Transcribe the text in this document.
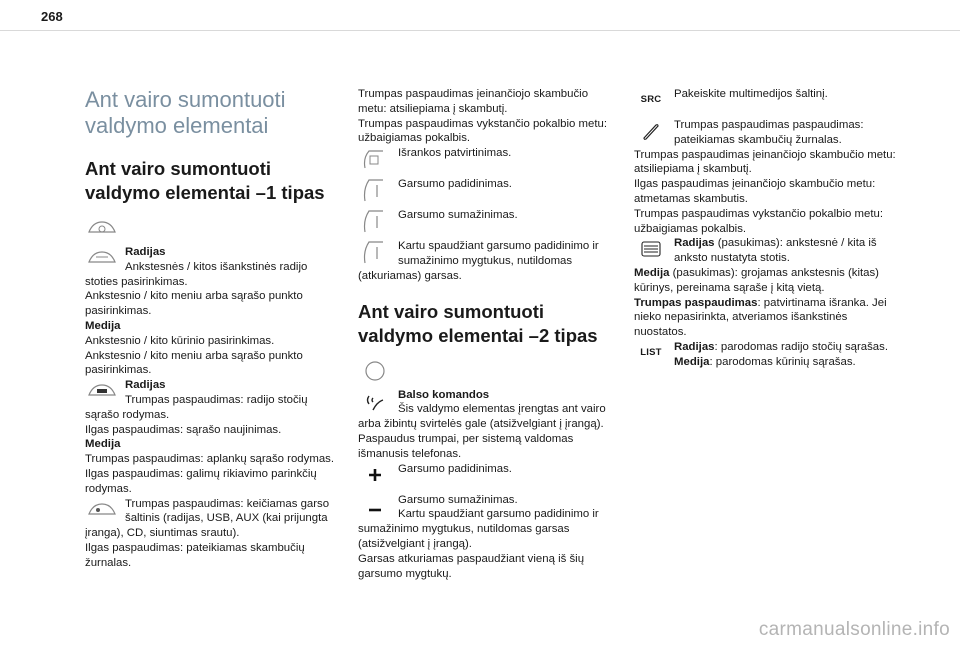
268
Ant vairo sumontuoti valdymo elementai
Ant vairo sumontuoti valdymo elementai –1 tipas

Radijas

Ankstesnės / kitos išankstinės radijo stoties pasirinkimas.

Ankstesnio / kito meniu arba sąrašo punkto pasirinkimas.

Medija

Ankstesnio / kito kūrinio pasirinkimas.

Ankstesnio / kito meniu arba sąrašo punkto pasirinkimas.

Radijas

Trumpas paspaudimas: radijo stočių sąrašo rodymas.

Ilgas paspaudimas: sąrašo naujinimas.

Medija

Trumpas paspaudimas: aplankų sąrašo rodymas.

Ilgas paspaudimas: galimų rikiavimo parinkčių rodymas.

Trumpas paspaudimas: keičiamas garso šaltinis (radijas, USB, AUX (kai prijungta įranga), CD, siuntimas srautu).

Ilgas paspaudimas: pateikiamas skambučių žurnalas.

Trumpas paspaudimas įeinančiojo skambučio metu: atsiliepiama į skambutį.

Trumpas paspaudimas vykstančio pokalbio metu: užbaigiamas pokalbis.

Išrankos patvirtinimas.

Garsumo padidinimas.

Garsumo sumažinimas.

Kartu spaudžiant garsumo padidinimo ir sumažinimo mygtukus, nutildomas (atkuriamas) garsas.

Ant vairo sumontuoti valdymo elementai –2 tipas

Balso komandos

Šis valdymo elementas įrengtas ant vairo arba žibintų svirtelės gale (atsižvelgiant į įrangą).

Paspaudus trumpai, per sistemą valdomas išmanusis telefonas.

Garsumo padidinimas.

Garsumo sumažinimas.

Kartu spaudžiant garsumo padidinimo ir sumažinimo mygtukus, nutildomas garsas (atsižvelgiant į įrangą).

Garsas atkuriamas paspaudžiant vieną iš šių garsumo mygtukų.

SRC	Pakeiskite multimedijos šaltinį.

Trumpas paspaudimas paspaudimas: pateikiamas skambučių žurnalas.

Trumpas paspaudimas įeinančiojo skambučio metu: atsiliepiama į skambutį.

Ilgas paspaudimas įeinančiojo skambučio metu: atmetamas skambutis.

Trumpas paspaudimas vykstančio pokalbio metu: užbaigiamas pokalbis.

Radijas (pasukimas): ankstesnė / kita iš anksto nustatyta stotis.

Medija (pasukimas): grojamas ankstesnis (kitas) kūrinys, pereinama sąraše į kitą vietą.

Trumpas paspaudimas: patvirtinama išranka. Jei nieko nepasirinkta, atveriamos išankstinės nuostatos.

LIST	Radijas: parodomas radijo stočių sąrašas.

Medija: parodomas kūrinių sąrašas.

carmanualsonline.info
